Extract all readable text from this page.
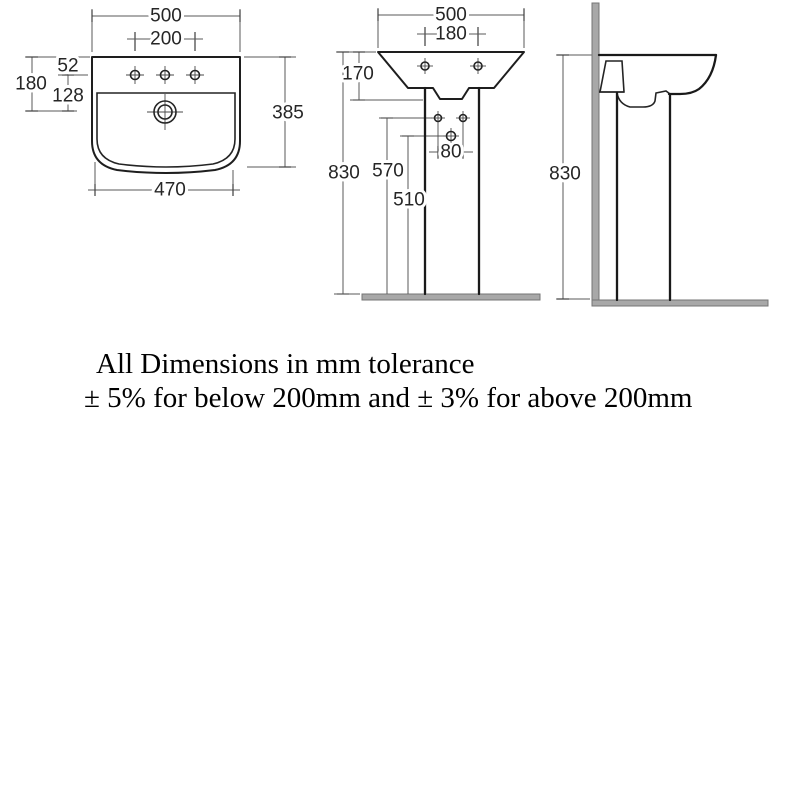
500
200
52
180
128
385
470
500
180
170
830 570
510
80
830
All Dimensions in mm tolerance
± 5% for below 200mm and ± 3% for above 200mm
